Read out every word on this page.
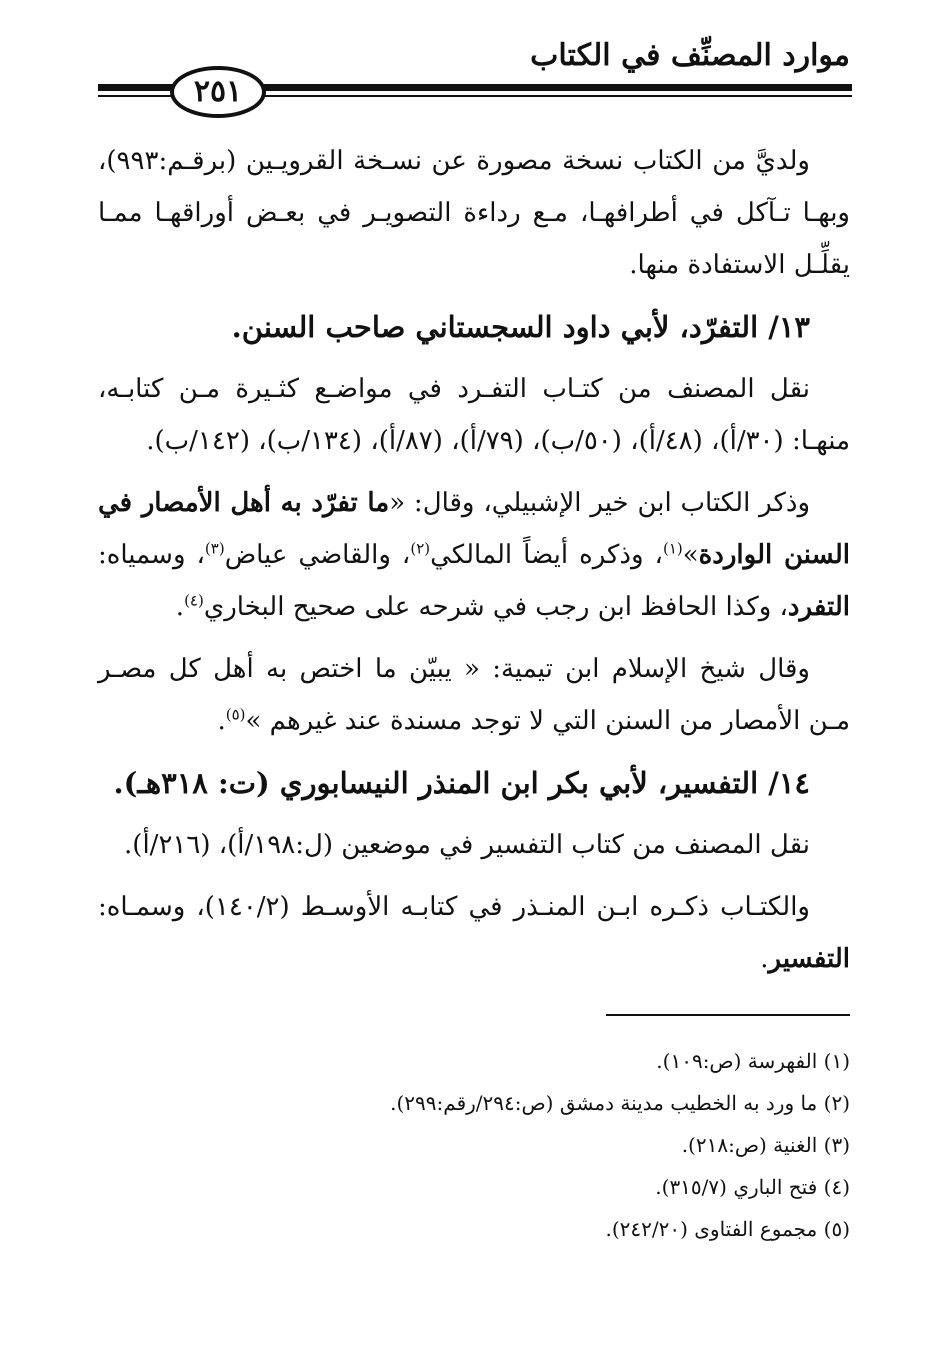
موارد المصنِّف في الكتاب
٢٥١

ولديَّ من الكتاب نسخة مصورة عن نسـخة القرويـين (برقـم:٩٩٣)، وبهـا تـآكل في أطرافهـا، مـع رداءة التصويـر في بعـض أوراقهـا ممـا يقلِّـل الاستفادة منها.

١٣/ التفرّد، لأبي داود السجستاني صاحب السنن.

نقل المصنف من كتـاب التفـرد في مواضـع كثـيرة مـن كتابـه، منهـا: (٣٠/أ)، (٤٨/أ)، (٥٠/ب)، (٧٩/أ)، (٨٧/أ)، (١٣٤/ب)، (١٤٢/ب).

وذكر الكتاب ابن خير الإشبيلي، وقال: «ما تفرّد به أهل الأمصار في السنن الواردة»$^{(١)}$، وذكره أيضاً المالكي$^{(٢)}$، والقاضي عياض$^{(٣)}$، وسمياه: التفرد، وكذا الحافظ ابن رجب في شرحه على صحيح البخاري$^{(٤)}$.

وقال شيخ الإسلام ابن تيمية: « يبيّن ما اختص به أهل كل مصـر مـن الأمصار من السنن التي لا توجد مسندة عند غيرهم »$^{(٥)}$.

١٤/ التفسير، لأبي بكر ابن المنذر النيسابوري (ت: ٣١٨هـ).

نقل المصنف من كتاب التفسير في موضعين (ل:١٩٨/أ)، (٢١٦/أ).

والكتـاب ذكـره ابـن المنـذر في كتابـه الأوسـط (١٤٠/٢)، وسمـاه: التفسير.

(١) الفهرسة (ص:١٠٩).
(٢) ما ورد به الخطيب مدينة دمشق (ص:٢٩٤/رقم:٢٩٩).
(٣) الغنية (ص:٢١٨).
(٤) فتح الباري (٣١٥/٧).
(٥) مجموع الفتاوى (٢٤٢/٢٠).
